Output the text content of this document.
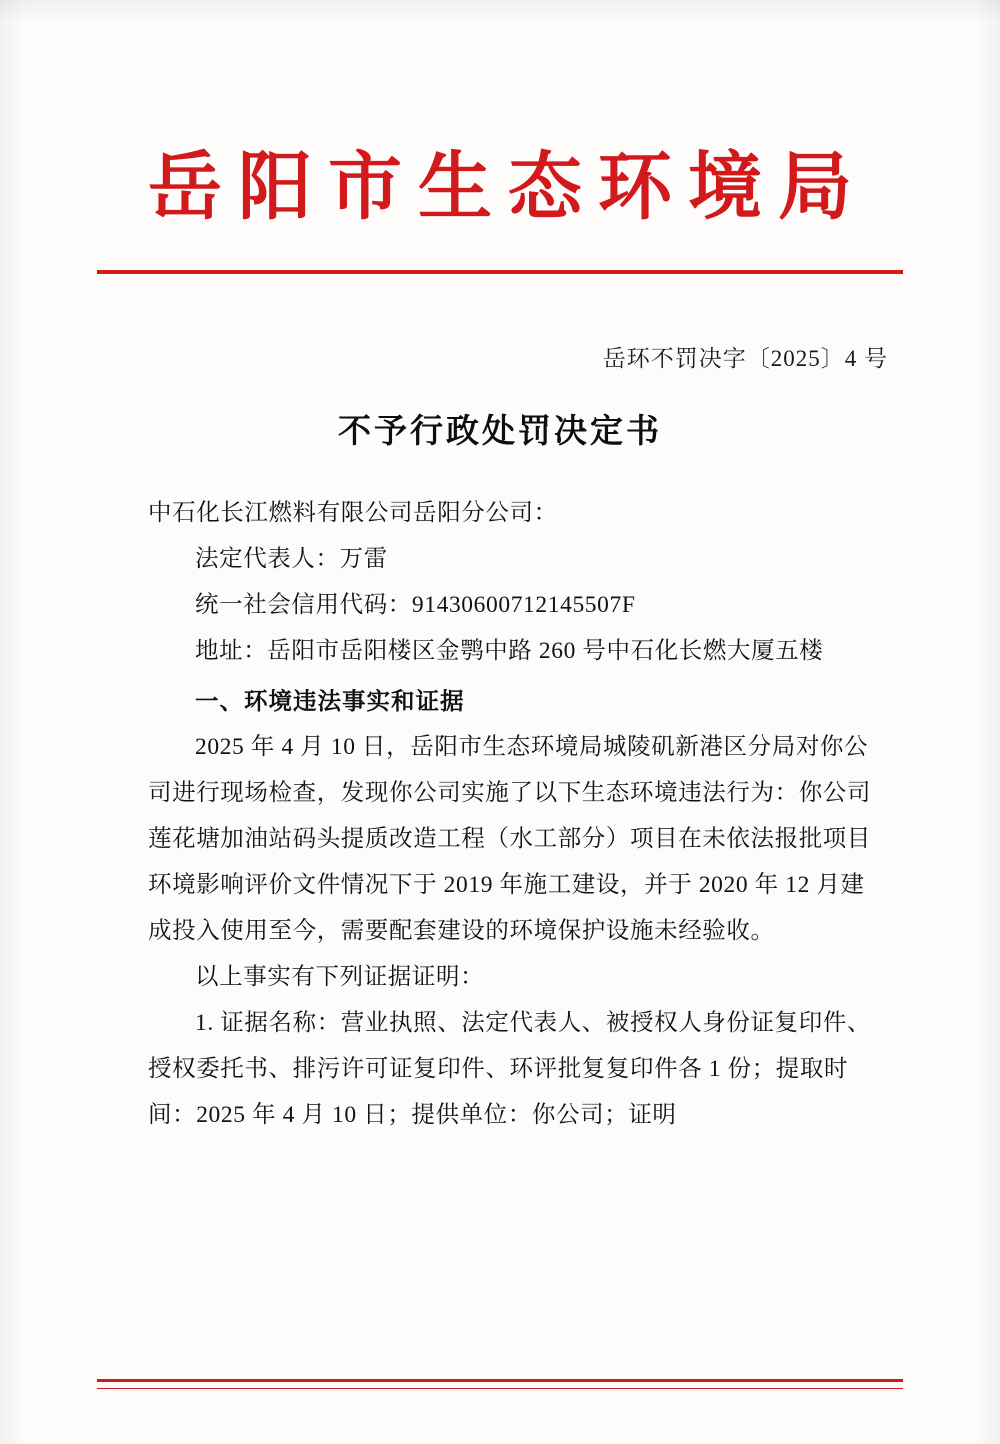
岳阳市生态环境局
岳环不罚决字〔2025〕4 号
不予行政处罚决定书

中石化长江燃料有限公司岳阳分公司：

法定代表人：万雷

统一社会信用代码：91430600712145507F

地址：岳阳市岳阳楼区金鹗中路 260 号中石化长燃大厦五楼

一、环境违法事实和证据

2025 年 4 月 10 日，岳阳市生态环境局城陵矶新港区分局对你公司进行现场检查，发现你公司实施了以下生态环境违法行为：你公司莲花塘加油站码头提质改造工程（水工部分）项目在未依法报批项目环境影响评价文件情况下于 2019 年施工建设，并于 2020 年 12 月建成投入使用至今，需要配套建设的环境保护设施未经验收。

以上事实有下列证据证明：

1. 证据名称：营业执照、法定代表人、被授权人身份证复印件、授权委托书、排污许可证复印件、环评批复复印件各 1 份；提取时间：2025 年 4 月 10 日；提供单位：你公司；证明
